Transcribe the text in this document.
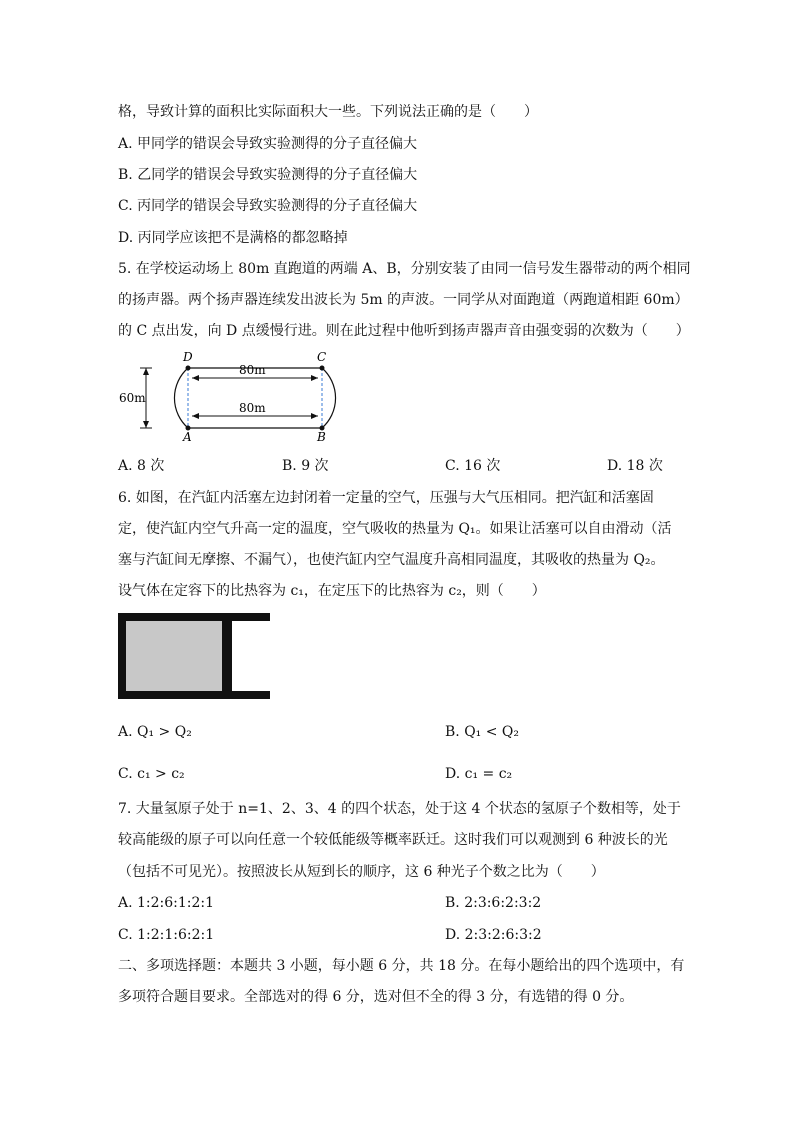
格，导致计算的面积比实际面积大一些。下列说法正确的是（　　）
A. 甲同学的错误会导致实验测得的分子直径偏大
B. 乙同学的错误会导致实验测得的分子直径偏大
C. 丙同学的错误会导致实验测得的分子直径偏大
D. 丙同学应该把不是满格的都忽略掉
5. 在学校运动场上 80m 直跑道的两端 A、B，分别安装了由同一信号发生器带动的两个相同
的扬声器。两个扬声器连续发出波长为 5m 的声波。一同学从对面跑道（两跑道相距 60m）
的 C 点出发，向 D 点缓慢行进。则在此过程中他听到扬声器声音由强变弱的次数为（　　）
60m
80m
80m
D	C
A	B
A. 8 次	B. 9 次	C. 16 次	D. 18 次
6. 如图，在汽缸内活塞左边封闭着一定量的空气，压强与大气压相同。把汽缸和活塞固
定，使汽缸内空气升高一定的温度，空气吸收的热量为 Q₁。如果让活塞可以自由滑动（活
塞与汽缸间无摩擦、不漏气），也使汽缸内空气温度升高相同温度，其吸收的热量为 Q₂。
设气体在定容下的比热容为 c₁，在定压下的比热容为 c₂，则（　　）
A. Q₁ > Q₂	B. Q₁ < Q₂
C. c₁ > c₂	D. c₁ = c₂
7. 大量氢原子处于 n=1、2、3、4 的四个状态，处于这 4 个状态的氢原子个数相等，处于
较高能级的原子可以向任意一个较低能级等概率跃迁。这时我们可以观测到 6 种波长的光
（包括不可见光）。按照波长从短到长的顺序，这 6 种光子个数之比为（　　）
A. 1:2:6:1:2:1	B. 2:3:6:2:3:2
C. 1:2:1:6:2:1	D. 2:3:2:6:3:2
二、多项选择题：本题共 3 小题，每小题 6 分，共 18 分。在每小题给出的四个选项中，有
多项符合题目要求。全部选对的得 6 分，选对但不全的得 3 分，有选错的得 0 分。
